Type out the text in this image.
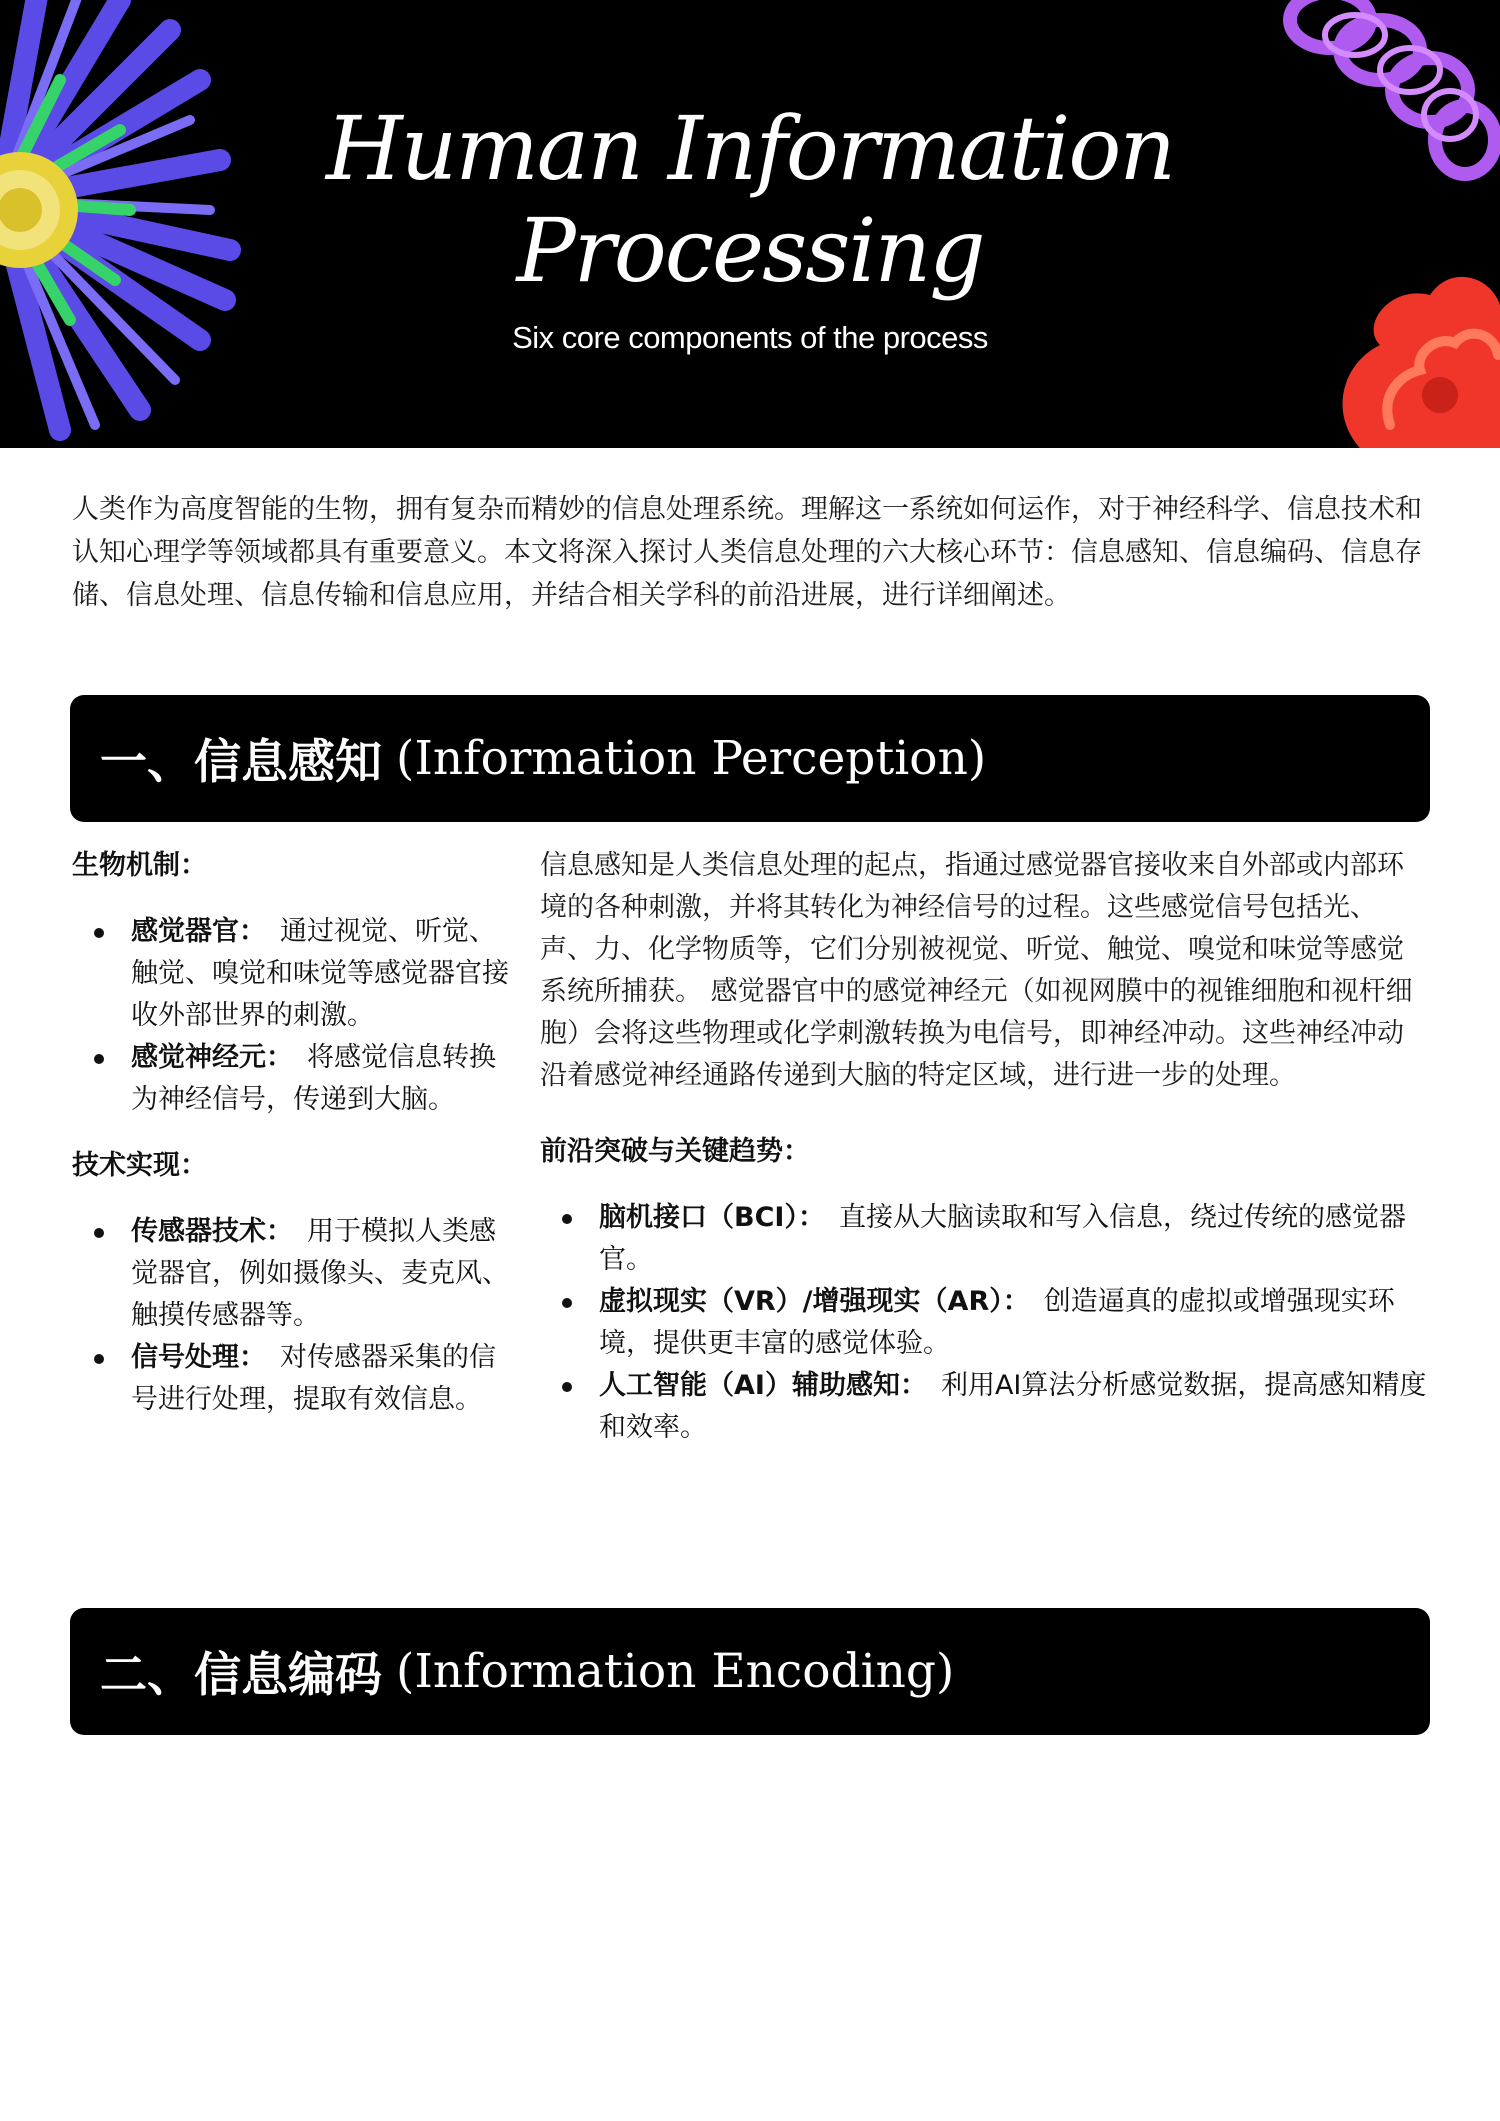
Human Information
Processing
Six core components of the process

人类作为高度智能的生物，拥有复杂而精妙的信息处理系统。理解这一系统如何运作，对于神经科学、信息技术和认知心理学等领域都具有重要意义。本文将深入探讨人类信息处理的六大核心环节：信息感知、信息编码、信息存储、信息处理、信息传输和信息应用，并结合相关学科的前沿进展，进行详细阐述。

一、信息感知 (Information Perception)
生物机制：
感觉器官： 通过视觉、听觉、触觉、嗅觉和味觉等感觉器官接收外部世界的刺激。
感觉神经元： 将感觉信息转换为神经信号，传递到大脑。
技术实现：
传感器技术： 用于模拟人类感觉器官，例如摄像头、麦克风、触摸传感器等。
信号处理： 对传感器采集的信号进行处理，提取有效信息。

信息感知是人类信息处理的起点，指通过感觉器官接收来自外部或内部环境的各种刺激，并将其转化为神经信号的过程。这些感觉信号包括光、声、力、化学物质等，它们分别被视觉、听觉、触觉、嗅觉和味觉等感觉系统所捕获。 感觉器官中的感觉神经元（如视网膜中的视锥细胞和视杆细胞）会将这些物理或化学刺激转换为电信号，即神经冲动。这些神经冲动沿着感觉神经通路传递到大脑的特定区域，进行进一步的处理。

前沿突破与关键趋势：
脑机接口（BCI）： 直接从大脑读取和写入信息，绕过传统的感觉器官。
虚拟现实（VR）/增强现实（AR）： 创造逼真的虚拟或增强现实环境，提供更丰富的感觉体验。
人工智能（AI）辅助感知： 利用AI算法分析感觉数据，提高感知精度和效率。
二、信息编码 (Information Encoding)
